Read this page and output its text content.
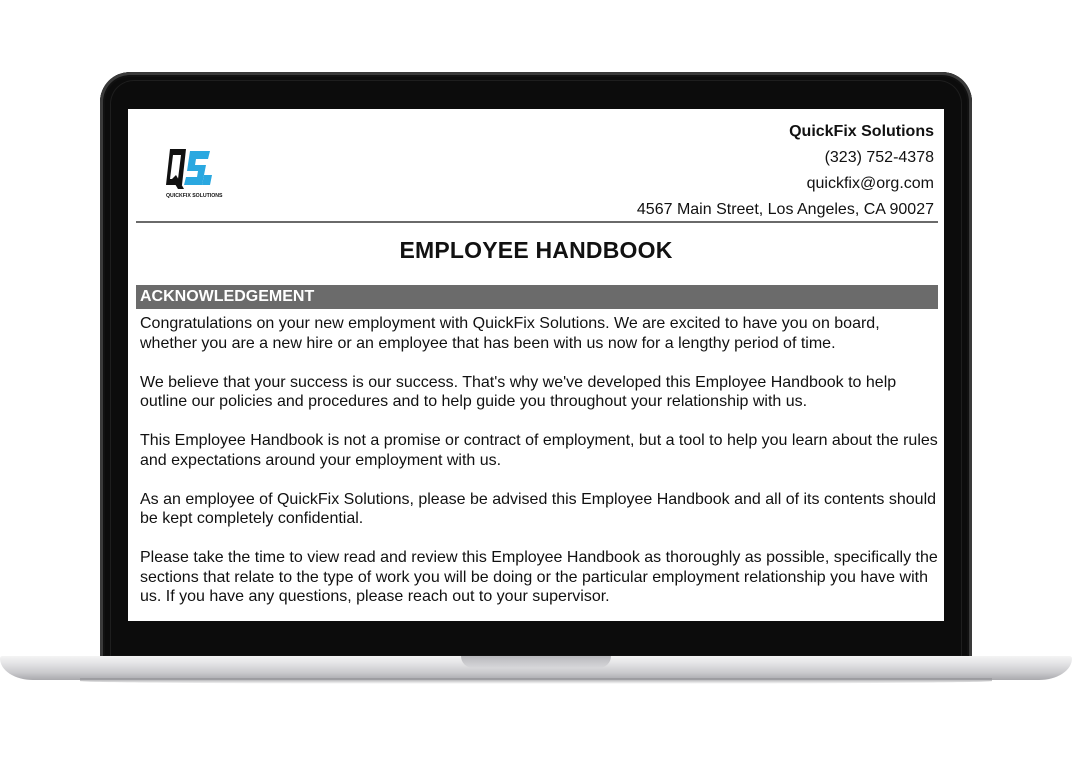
QUICKFIX SOLUTIONS
QuickFix Solutions
(323) 752-4378
quickfix@org.com
4567 Main Street, Los Angeles, CA 90027
EMPLOYEE HANDBOOK
ACKNOWLEDGEMENT

Congratulations on your new employment with QuickFix Solutions. We are excited to have you on board, whether you are a new hire or an employee that has been with us now for a lengthy period of time.

We believe that your success is our success. That's why we've developed this Employee Handbook to help outline our policies and procedures and to help guide you throughout your relationship with us.

This Employee Handbook is not a promise or contract of employment, but a tool to help you learn about the rules and expectations around your employment with us.

As an employee of QuickFix Solutions, please be advised this Employee Handbook and all of its contents should be kept completely confidential.

Please take the time to view read and review this Employee Handbook as thoroughly as possible, specifically the sections that relate to the type of work you will be doing or the particular employment relationship you have with us. If you have any questions, please reach out to your supervisor.
